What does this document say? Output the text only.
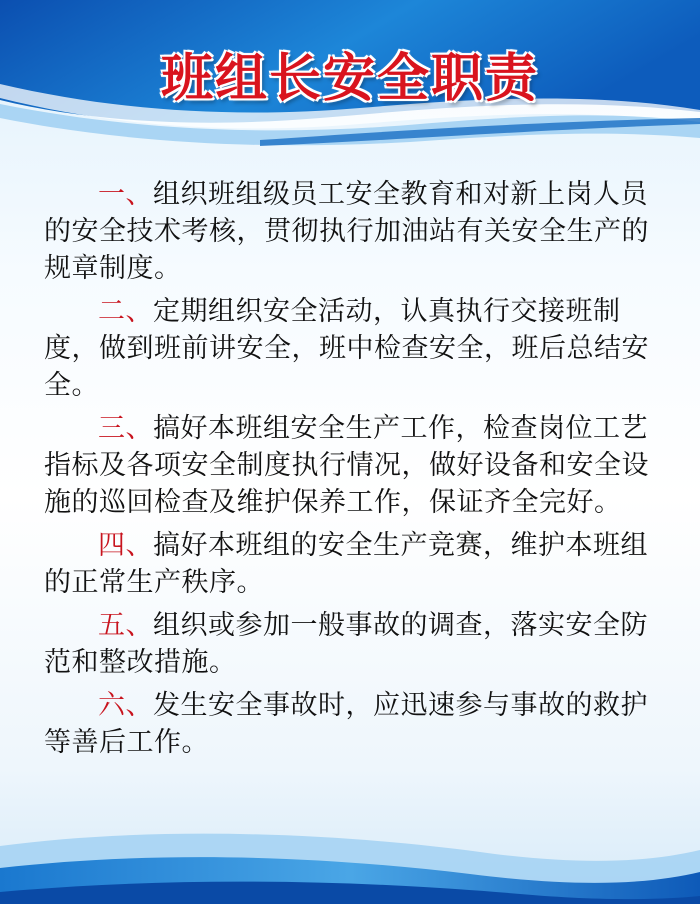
班组长安全职责

一、组织班组级员工安全教育和对新上岗人员的安全技术考核，贯彻执行加油站有关安全生产的规章制度。

二、定期组织安全活动，认真执行交接班制度，做到班前讲安全，班中检查安全，班后总结安全。

三、搞好本班组安全生产工作，检查岗位工艺指标及各项安全制度执行情况，做好设备和安全设施的巡回检查及维护保养工作，保证齐全完好。

四、搞好本班组的安全生产竞赛，维护本班组的正常生产秩序。

五、组织或参加一般事故的调查，落实安全防范和整改措施。

六、发生安全事故时，应迅速参与事故的救护等善后工作。
